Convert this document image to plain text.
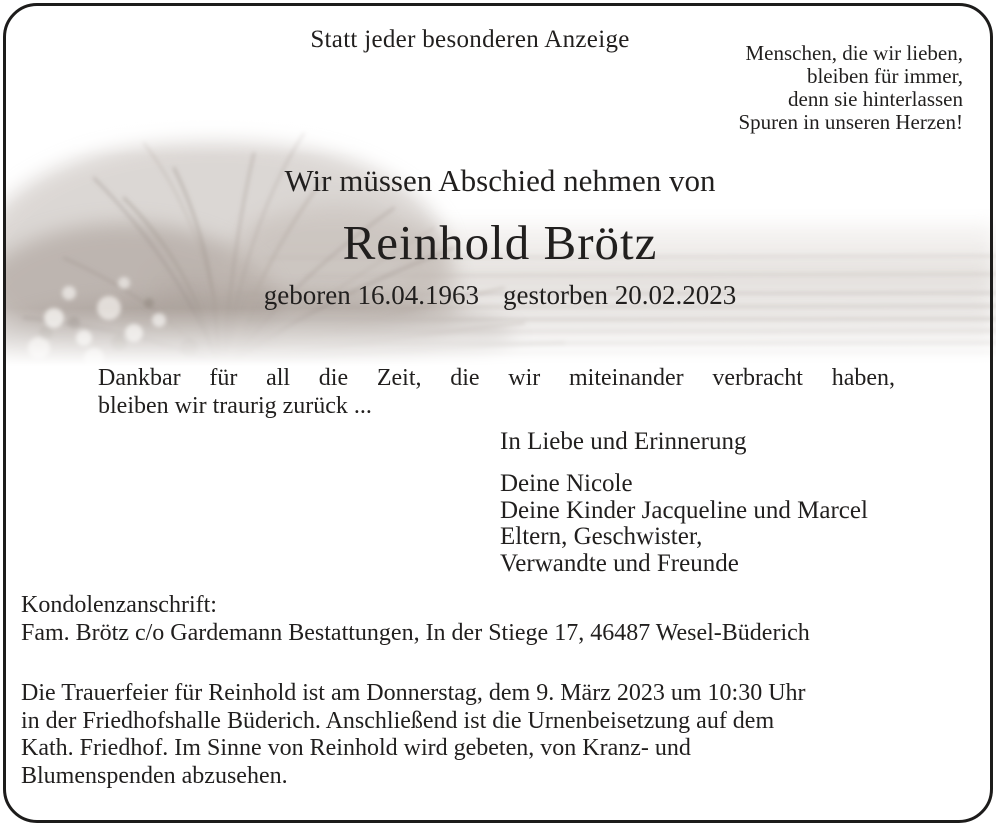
Statt jeder besonderen Anzeige	Menschen, die wir lieben,
bleiben für immer,
denn sie hinterlassen
Spuren in unseren Herzen!
Wir müssen Abschied nehmen von
Reinhold Brötz
geboren 16.04.1963 gestorben 20.02.2023
Dankbar für all die Zeit, die wir miteinander verbracht haben,
bleiben wir traurig zurück ...
In Liebe und Erinnerung
Deine Nicole
Deine Kinder Jacqueline und Marcel
Eltern, Geschwister,
Verwandte und Freunde
Kondolenzanschrift:
Fam. Brötz c/o Gardemann Bestattungen, In der Stiege 17, 46487 Wesel-Büderich
Die Trauerfeier für Reinhold ist am Donnerstag, dem 9. März 2023 um 10:30 Uhr
in der Friedhofshalle Büderich. Anschließend ist die Urnenbeisetzung auf dem
Kath. Friedhof. Im Sinne von Reinhold wird gebeten, von Kranz- und
Blumenspenden abzusehen.
